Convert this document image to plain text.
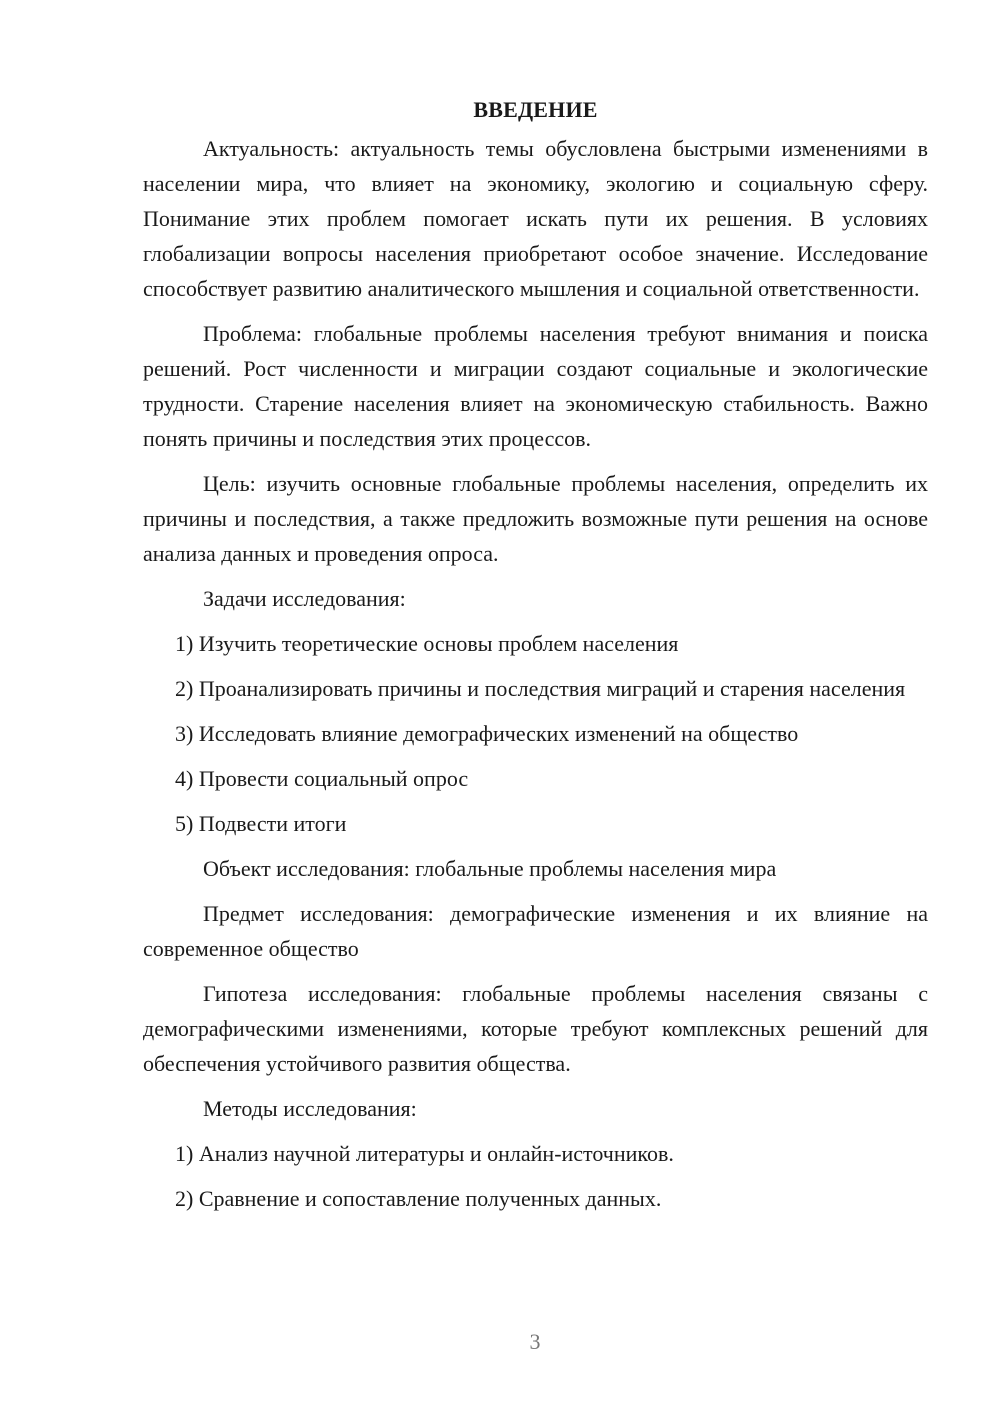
ВВЕДЕНИЕ

Актуальность: актуальность темы обусловлена быстрыми изменениями в населении мира, что влияет на экономику, экологию и социальную сферу. Понимание этих проблем помогает искать пути их решения. В условиях глобализации вопросы населения приобретают особое значение. Исследование способствует развитию аналитического мышления и социальной ответственности.

Проблема: глобальные проблемы населения требуют внимания и поиска решений. Рост численности и миграции создают социальные и экологические трудности. Старение населения влияет на экономическую стабильность. Важно понять причины и последствия этих процессов.

Цель: изучить основные глобальные проблемы населения, определить их причины и последствия, а также предложить возможные пути решения на основе анализа данных и проведения опроса.

Задачи исследования:

1) Изучить теоретические основы проблем населения

2) Проанализировать причины и последствия миграций и старения населения

3) Исследовать влияние демографических изменений на общество

4) Провести социальный опрос

5) Подвести итоги

Объект исследования: глобальные проблемы населения мира

Предмет исследования: демографические изменения и их влияние на современное общество

Гипотеза исследования: глобальные проблемы населения связаны с демографическими изменениями, которые требуют комплексных решений для обеспечения устойчивого развития общества.

Методы исследования:

1) Анализ научной литературы и онлайн-источников.

2) Сравнение и сопоставление полученных данных.

3
